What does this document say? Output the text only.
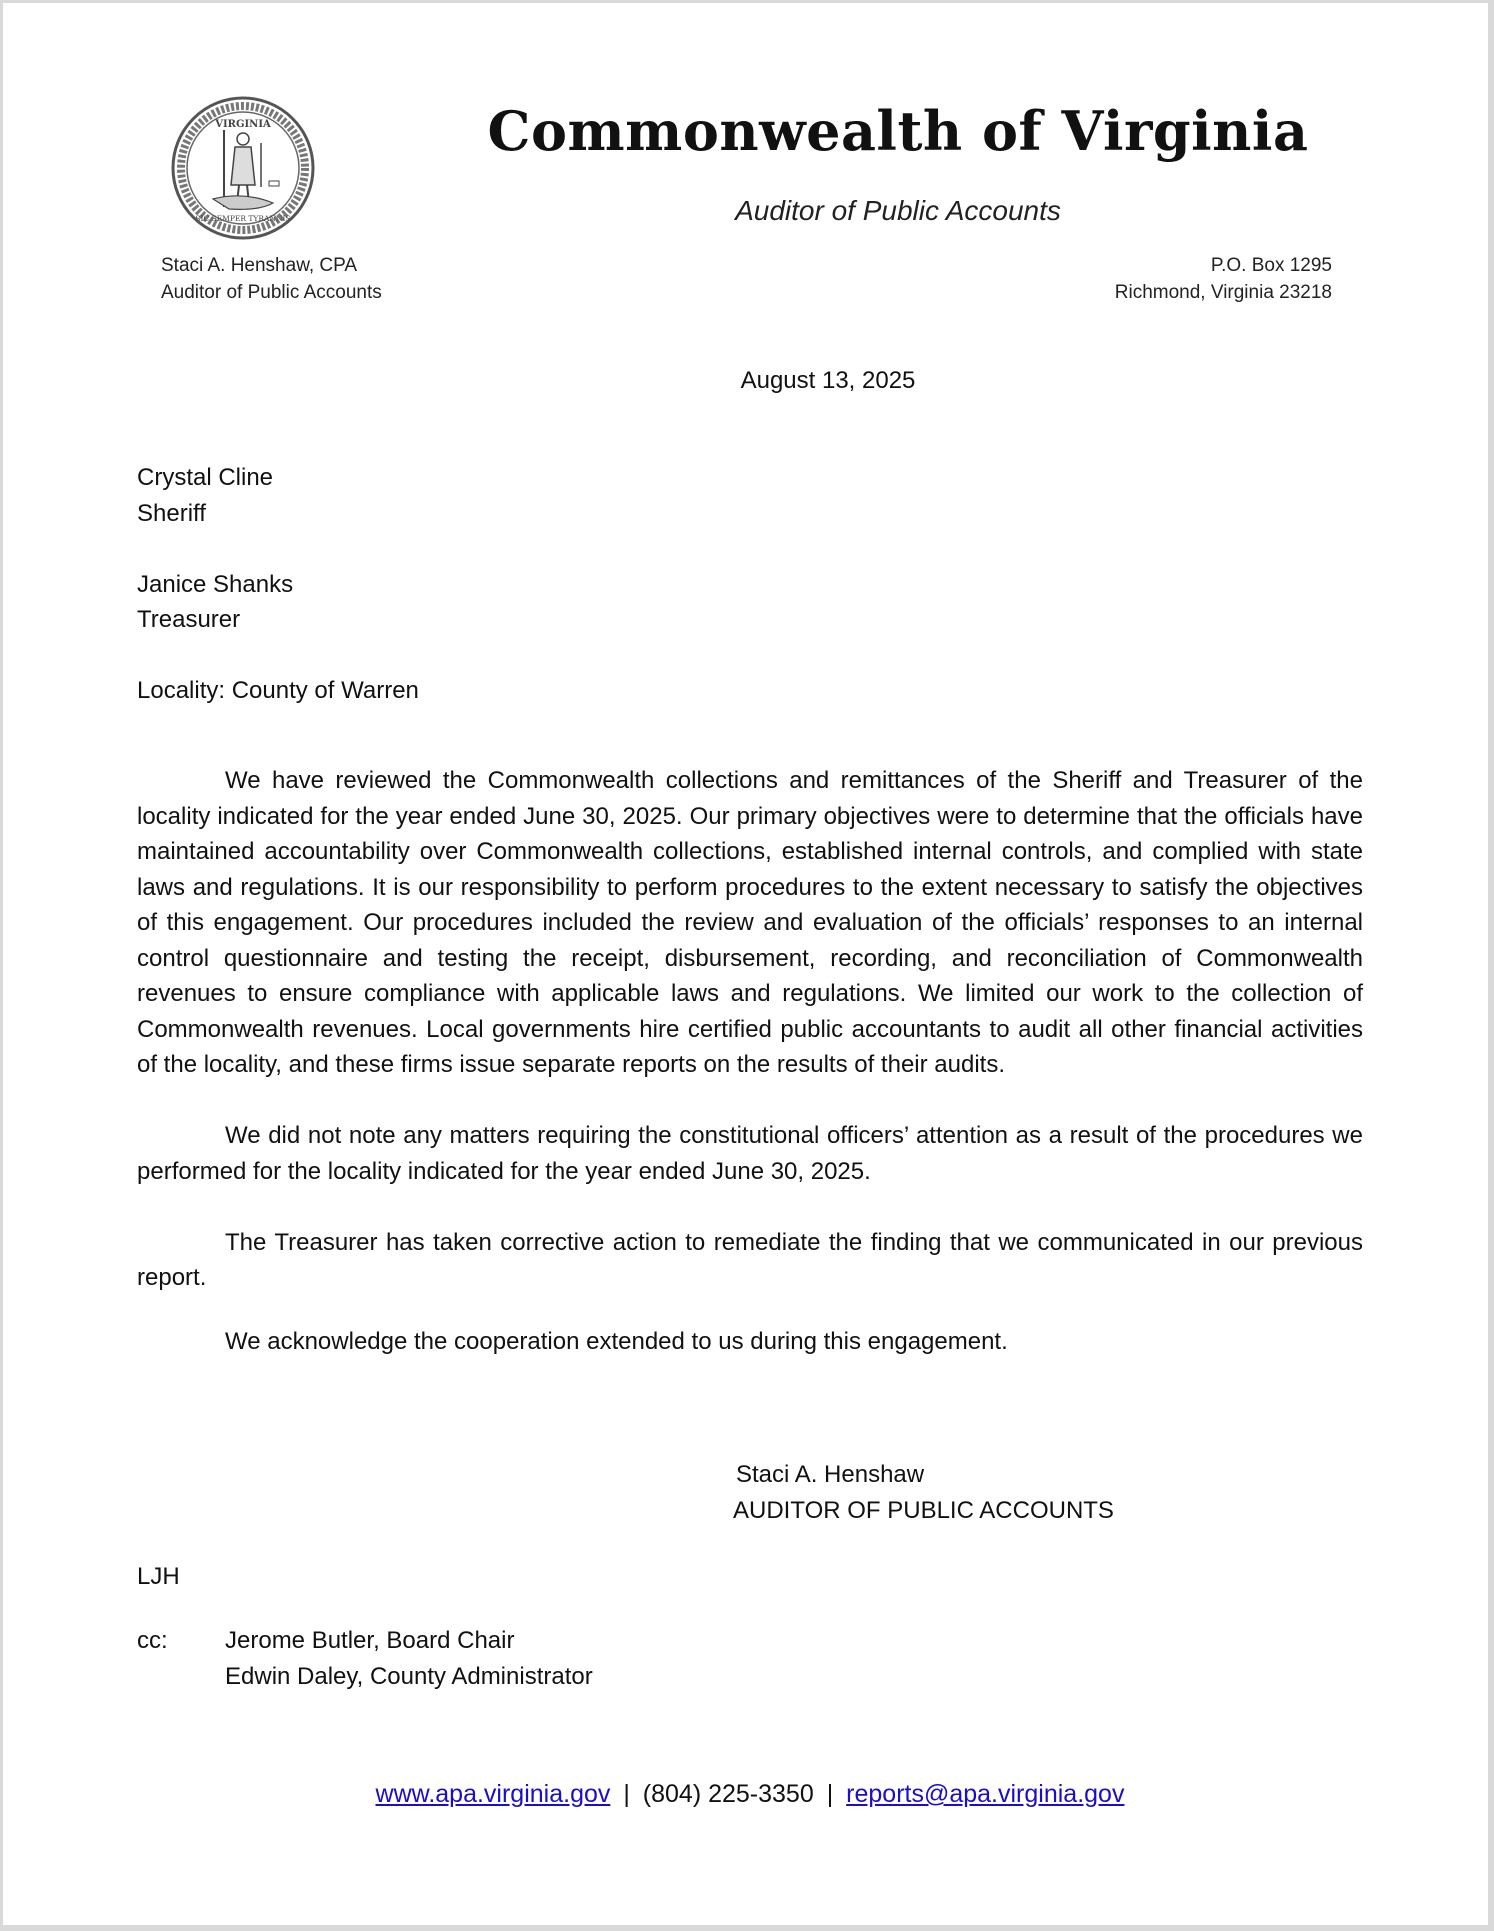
VIRGINIA
SIC SEMPER TYRANNIS
Commonwealth of Virginia
Auditor of Public Accounts
Staci A. Henshaw, CPA
Auditor of Public Accounts
P.O. Box 1295
Richmond, Virginia 23218
August 13, 2025
Crystal Cline
Sheriff
Janice Shanks
Treasurer
Locality: County of Warren

We have reviewed the Commonwealth collections and remittances of the Sheriff and Treasurer of the locality indicated for the year ended June 30, 2025. Our primary objectives were to determine that the officials have maintained accountability over Commonwealth collections, established internal controls, and complied with state laws and regulations. It is our responsibility to perform procedures to the extent necessary to satisfy the objectives of this engagement. Our procedures included the review and evaluation of the officials’ responses to an internal control questionnaire and testing the receipt, disbursement, recording, and reconciliation of Commonwealth revenues to ensure compliance with applicable laws and regulations. We limited our work to the collection of Commonwealth revenues. Local governments hire certified public accountants to audit all other financial activities of the locality, and these firms issue separate reports on the results of their audits.

We did not note any matters requiring the constitutional officers’ attention as a result of the procedures we performed for the locality indicated for the year ended June 30, 2025.

The Treasurer has taken corrective action to remediate the finding that we communicated in our previous report.

We acknowledge the cooperation extended to us during this engagement.

Staci A. Henshaw
AUDITOR OF PUBLIC ACCOUNTS
LJH
cc:	Jerome Butler, Board Chair
Edwin Daley, County Administrator
www.apa.virginia.gov | (804) 225-3350 | reports@apa.virginia.gov
